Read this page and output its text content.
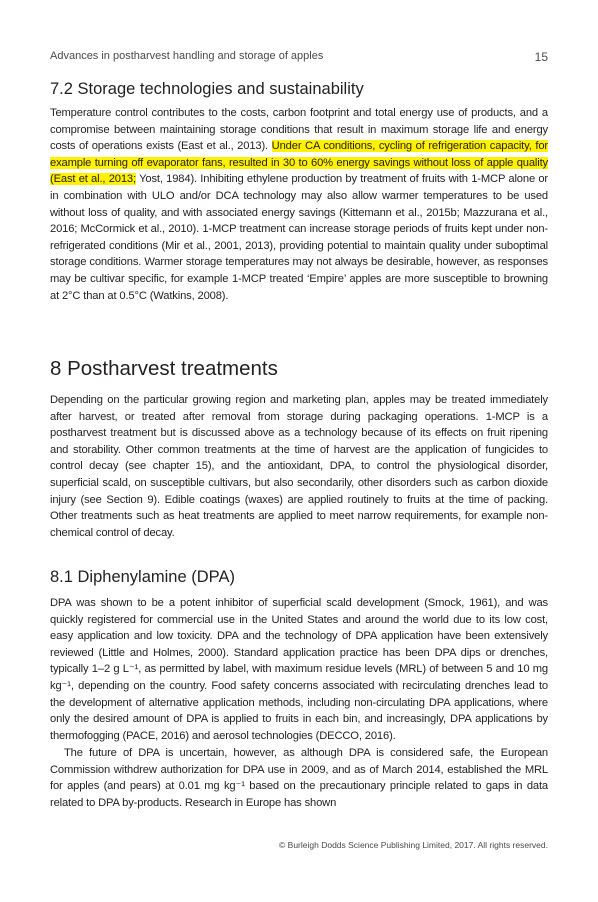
Advances in postharvest handling and storage of apples	15
7.2 Storage technologies and sustainability

Temperature control contributes to the costs, carbon footprint and total energy use of products, and a compromise between maintaining storage conditions that result in maximum storage life and energy costs of operations exists (East et al., 2013). Under CA conditions, cycling of refrigeration capacity, for example turning off evaporator fans, resulted in 30 to 60% energy savings without loss of apple quality (East et al., 2013; Yost, 1984). Inhibiting ethylene production by treatment of fruits with 1-MCP alone or in combination with ULO and/or DCA technology may also allow warmer temperatures to be used without loss of quality, and with associated energy savings (Kittemann et al., 2015b; Mazzurana et al., 2016; McCormick et al., 2010). 1-MCP treatment can increase storage periods of fruits kept under non-refrigerated conditions (Mir et al., 2001, 2013), providing potential to maintain quality under suboptimal storage conditions. Warmer storage temperatures may not always be desirable, however, as responses may be cultivar specific, for example 1-MCP treated ‘Empire’ apples are more susceptible to browning at 2°C than at 0.5°C (Watkins, 2008).

8 Postharvest treatments

Depending on the particular growing region and marketing plan, apples may be treated immediately after harvest, or treated after removal from storage during packaging operations. 1-MCP is a postharvest treatment but is discussed above as a technology because of its effects on fruit ripening and storability. Other common treatments at the time of harvest are the application of fungicides to control decay (see chapter 15), and the antioxidant, DPA, to control the physiological disorder, superficial scald, on susceptible cultivars, but also secondarily, other disorders such as carbon dioxide injury (see Section 9). Edible coatings (waxes) are applied routinely to fruits at the time of packing. Other treatments such as heat treatments are applied to meet narrow requirements, for example non-chemical control of decay.

8.1 Diphenylamine (DPA)

DPA was shown to be a potent inhibitor of superficial scald development (Smock, 1961), and was quickly registered for commercial use in the United States and around the world due to its low cost, easy application and low toxicity. DPA and the technology of DPA application have been extensively reviewed (Little and Holmes, 2000). Standard application practice has been DPA dips or drenches, typically 1–2 g L⁻¹, as permitted by label, with maximum residue levels (MRL) of between 5 and 10 mg kg⁻¹, depending on the country. Food safety concerns associated with recirculating drenches lead to the development of alternative application methods, including non-circulating DPA applications, where only the desired amount of DPA is applied to fruits in each bin, and increasingly, DPA applications by thermofogging (PACE, 2016) and aerosol technologies (DECCO, 2016).

The future of DPA is uncertain, however, as although DPA is considered safe, the European Commission withdrew authorization for DPA use in 2009, and as of March 2014, established the MRL for apples (and pears) at 0.01 mg kg⁻¹ based on the precautionary principle related to gaps in data related to DPA by-products. Research in Europe has shown

© Burleigh Dodds Science Publishing Limited, 2017. All rights reserved.
